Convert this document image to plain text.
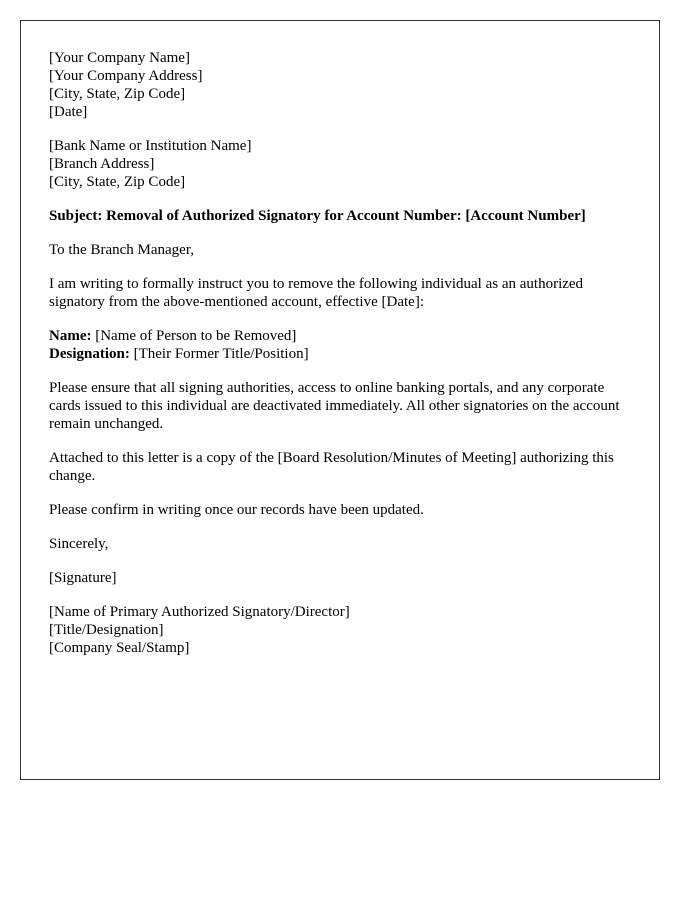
[Your Company Name]
[Your Company Address]
[City, State, Zip Code]
[Date]
[Bank Name or Institution Name]
[Branch Address]
[City, State, Zip Code]

Subject: Removal of Authorized Signatory for Account Number: [Account Number]

To the Branch Manager,

I am writing to formally instruct you to remove the following individual as an authorized signatory from the above-mentioned account, effective [Date]:

Name: [Name of Person to be Removed]
Designation: [Their Former Title/Position]

Please ensure that all signing authorities, access to online banking portals, and any corporate cards issued to this individual are deactivated immediately. All other signatories on the account remain unchanged.

Attached to this letter is a copy of the [Board Resolution/Minutes of Meeting] authorizing this change.

Please confirm in writing once our records have been updated.

Sincerely,

[Signature]

[Name of Primary Authorized Signatory/Director]
[Title/Designation]
[Company Seal/Stamp]
